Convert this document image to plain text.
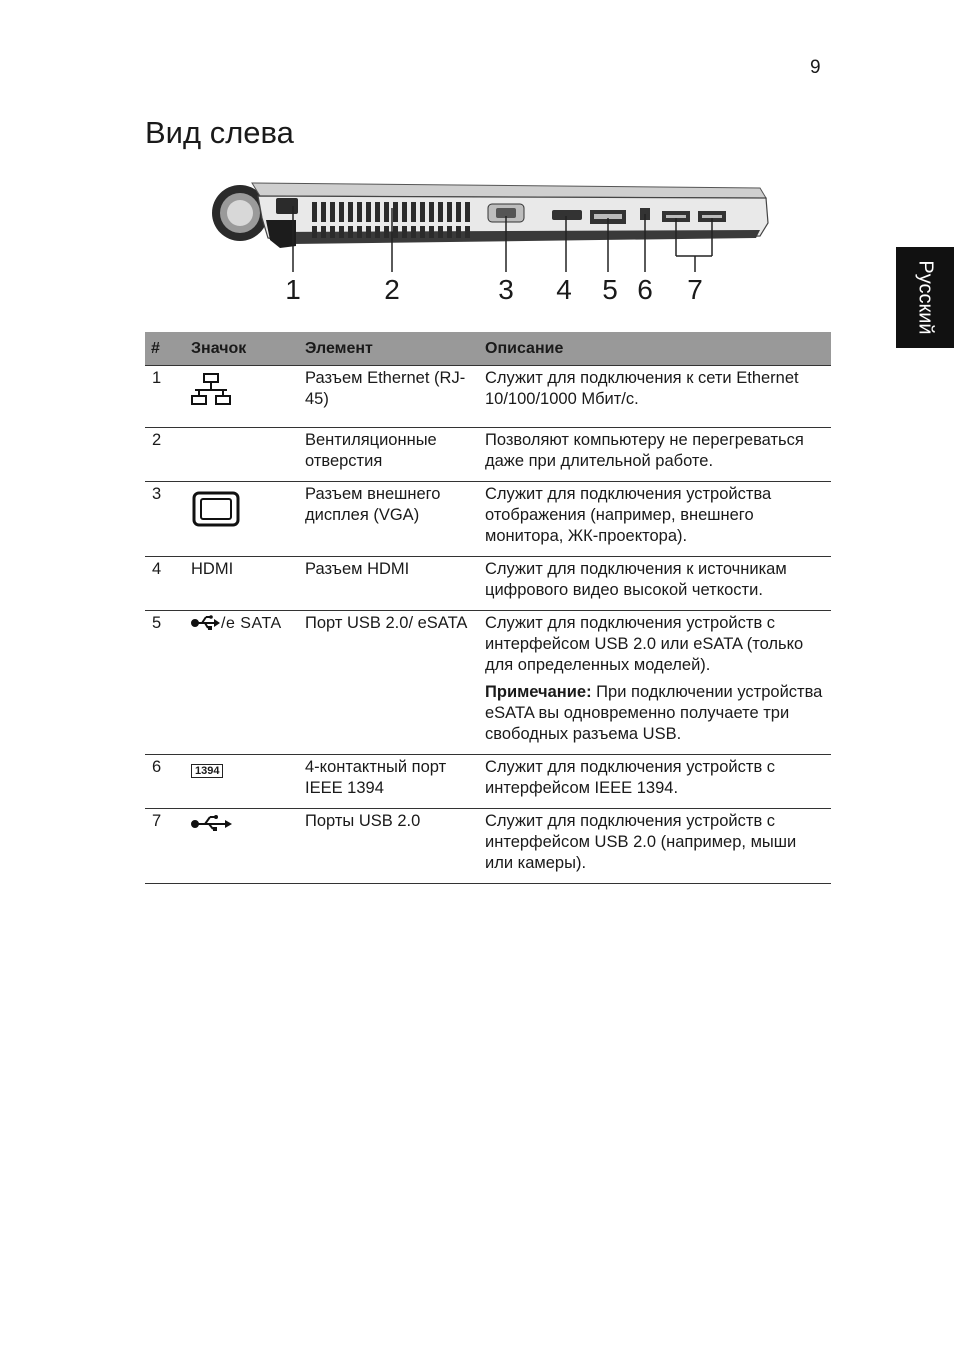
9
Вид слева
Русский
1	2	3 4 5 6 7
#	Значок	Элемент	Описание
1		Разъем Ethernet (RJ-45)	Служит для подключения к сети Ethernet 10/100/1000 Мбит/с.
2		Вентиляционные отверстия	Позволяют компьютеру не перегреваться даже при длительной работе.
3		Разъем внешнего дисплея (VGA)	Служит для подключения устройства отображения (например, внешнего монитора, ЖК-проектора).
4	HDMI	Разъем HDMI	Служит для подключения к источникам цифрового видео высокой четкости.
5	/e SATA	Порт USB 2.0/ eSATA	Служит для подключения устройств с интерфейсом USB 2.0 или eSATA (только для определенных моделей).
Примечание: При подключении устройства eSATA вы одновременно получаете три свободных разъема USB.

6	1394	4-контактный порт IEEE 1394	Служит для подключения устройств с интерфейсом IEEE 1394.
7		Порты USB 2.0	Служит для подключения устройств с интерфейсом USB 2.0 (например, мыши или камеры).
